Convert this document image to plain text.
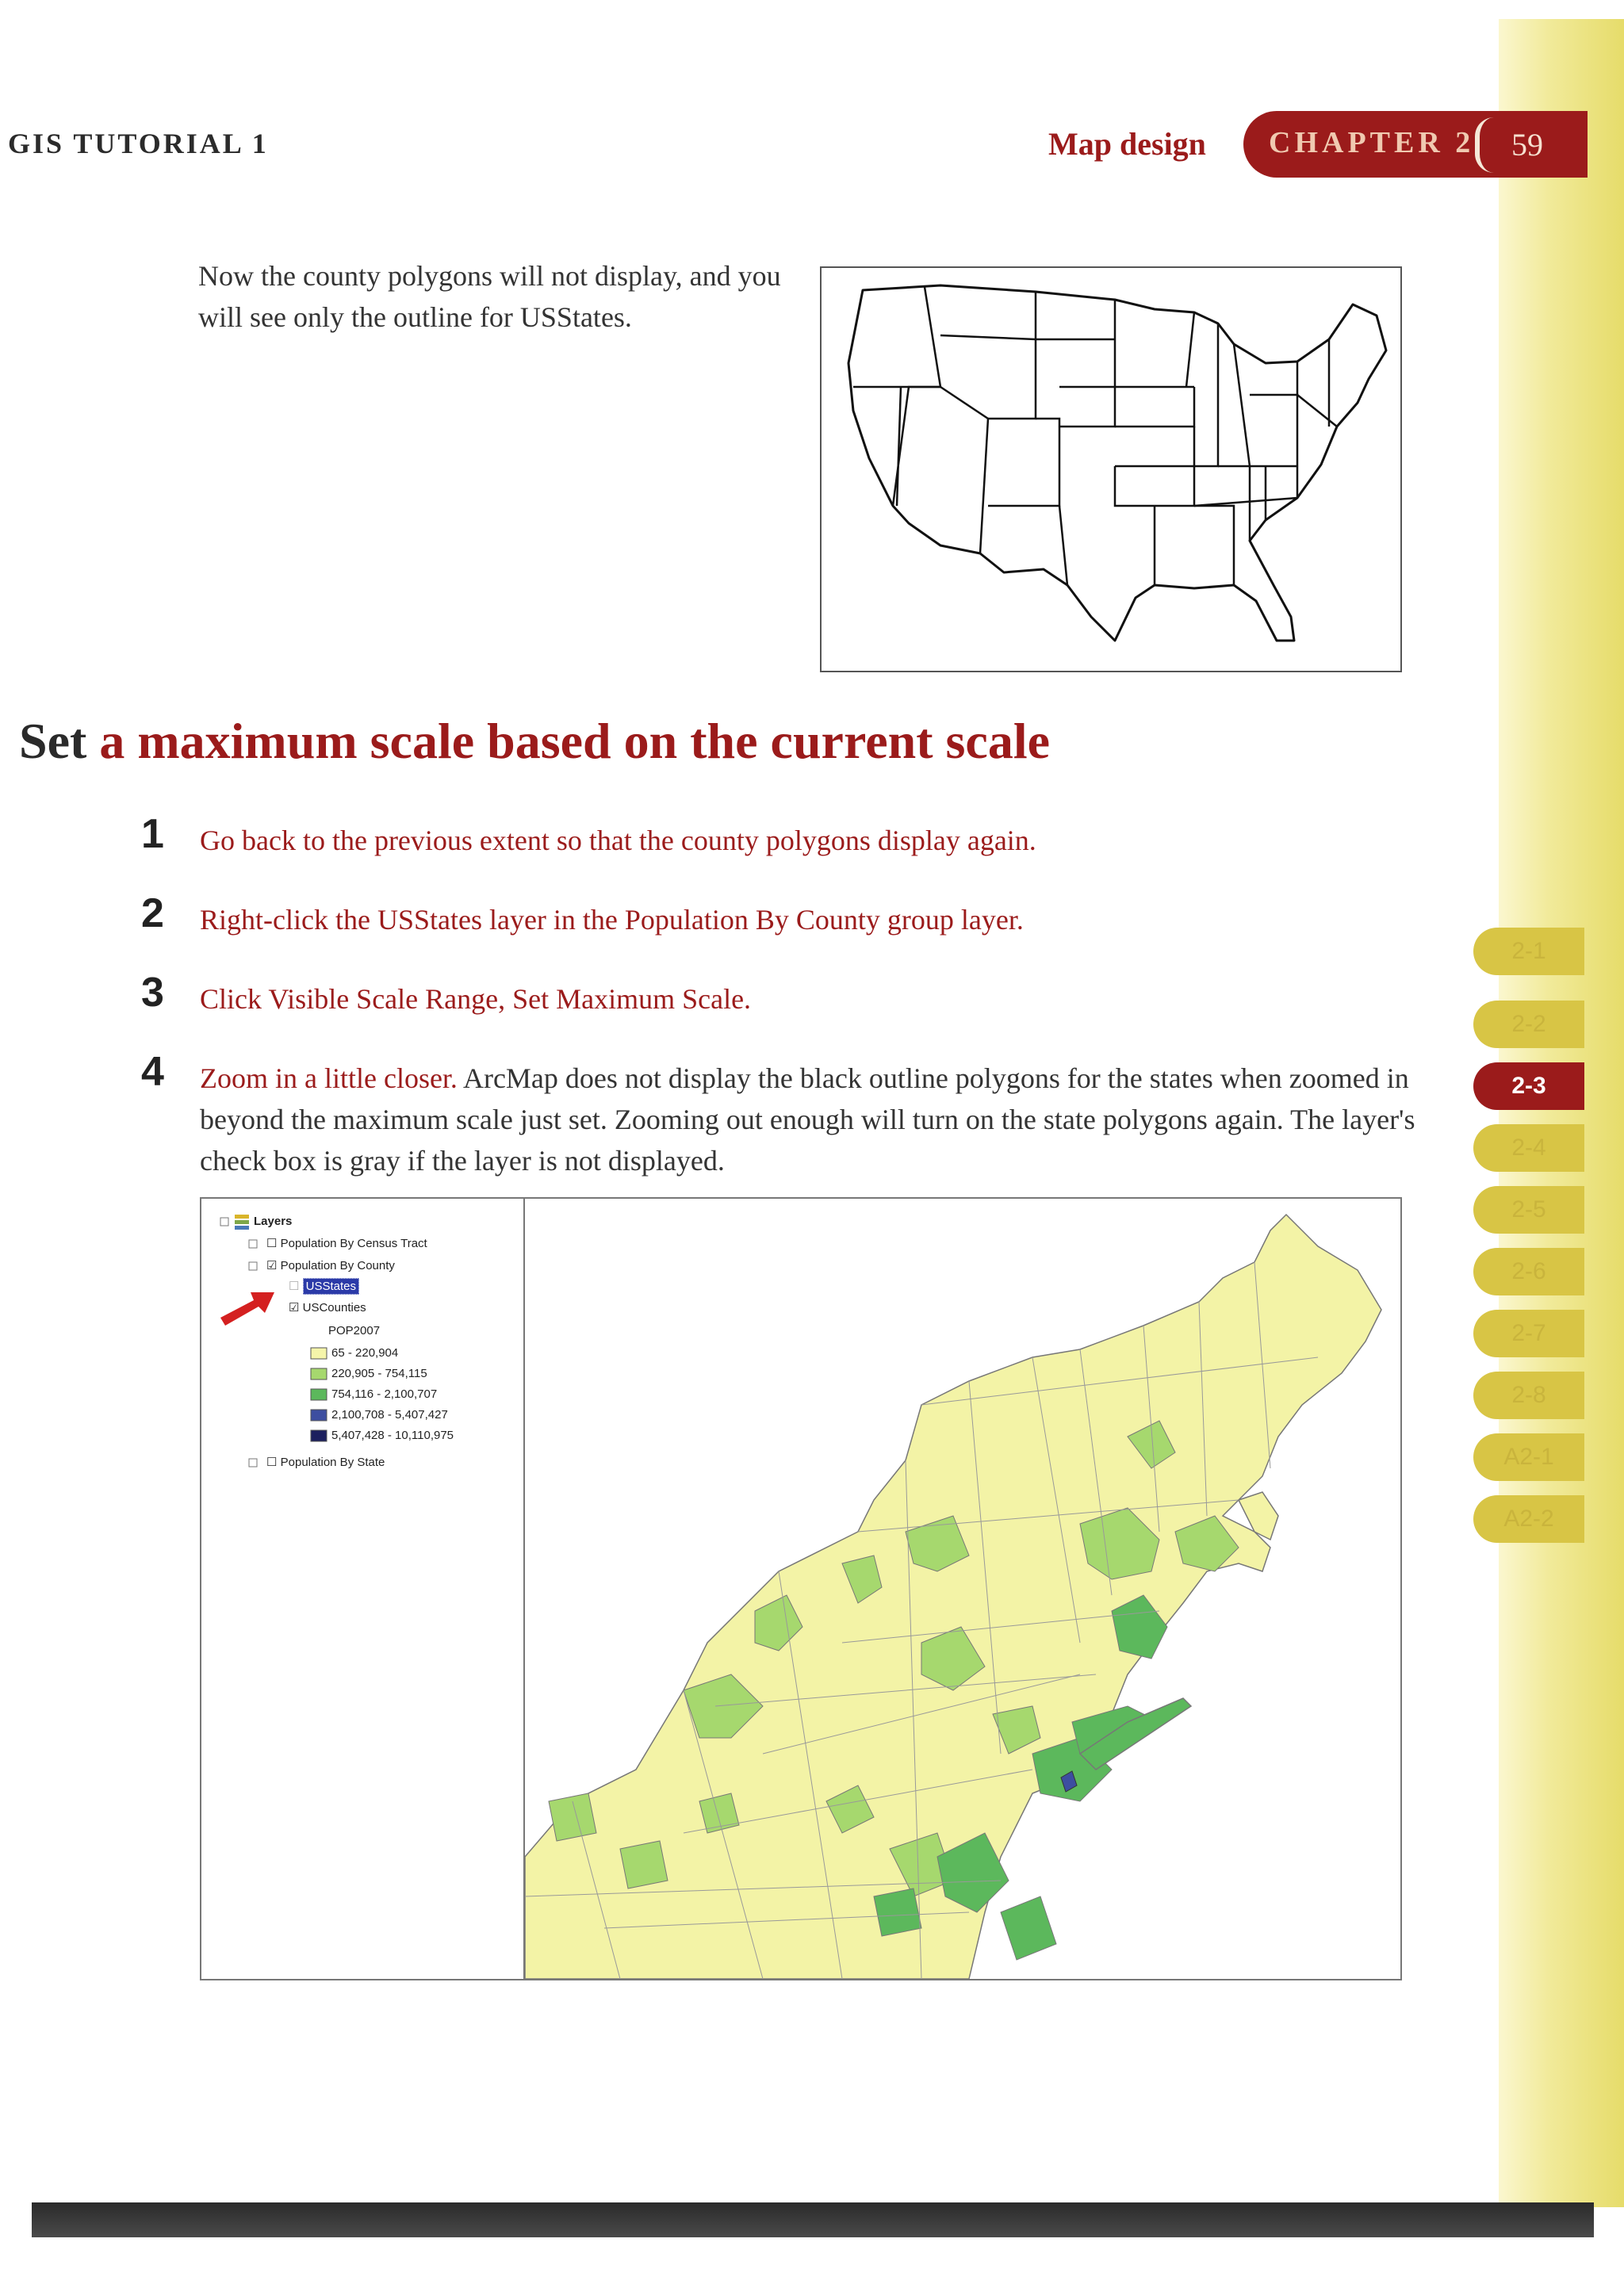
GIS TUTORIAL 1	Map design CHAPTER 2	59
2-1
2-2
2-3
2-4
2-5
2-6
2-7
2-8
A2-1
A2-2
Now the county polygons will not display, and you will see only the outline for USStates.
Set a maximum scale based on the current scale
1 Go back to the previous extent so that the county polygons display again.
2 Right-click the USStates layer in the Population By County group layer.
3 Click Visible Scale Range, Set Maximum Scale.
4 Zoom in a little closer. ArcMap does not display the black outline polygons for the states when zoomed in beyond the maximum scale just set. Zooming out enough will turn on the state polygons again. The layer's check box is gray if the layer is not displayed.
Layers
☐ Population By Census Tract
☑ Population By County
☐ USStates
☑ USCounties
POP2007
65 - 220,904
220,905 - 754,115
754,116 - 2,100,707
2,100,708 - 5,407,427
5,407,428 - 10,110,975
☐ Population By State
